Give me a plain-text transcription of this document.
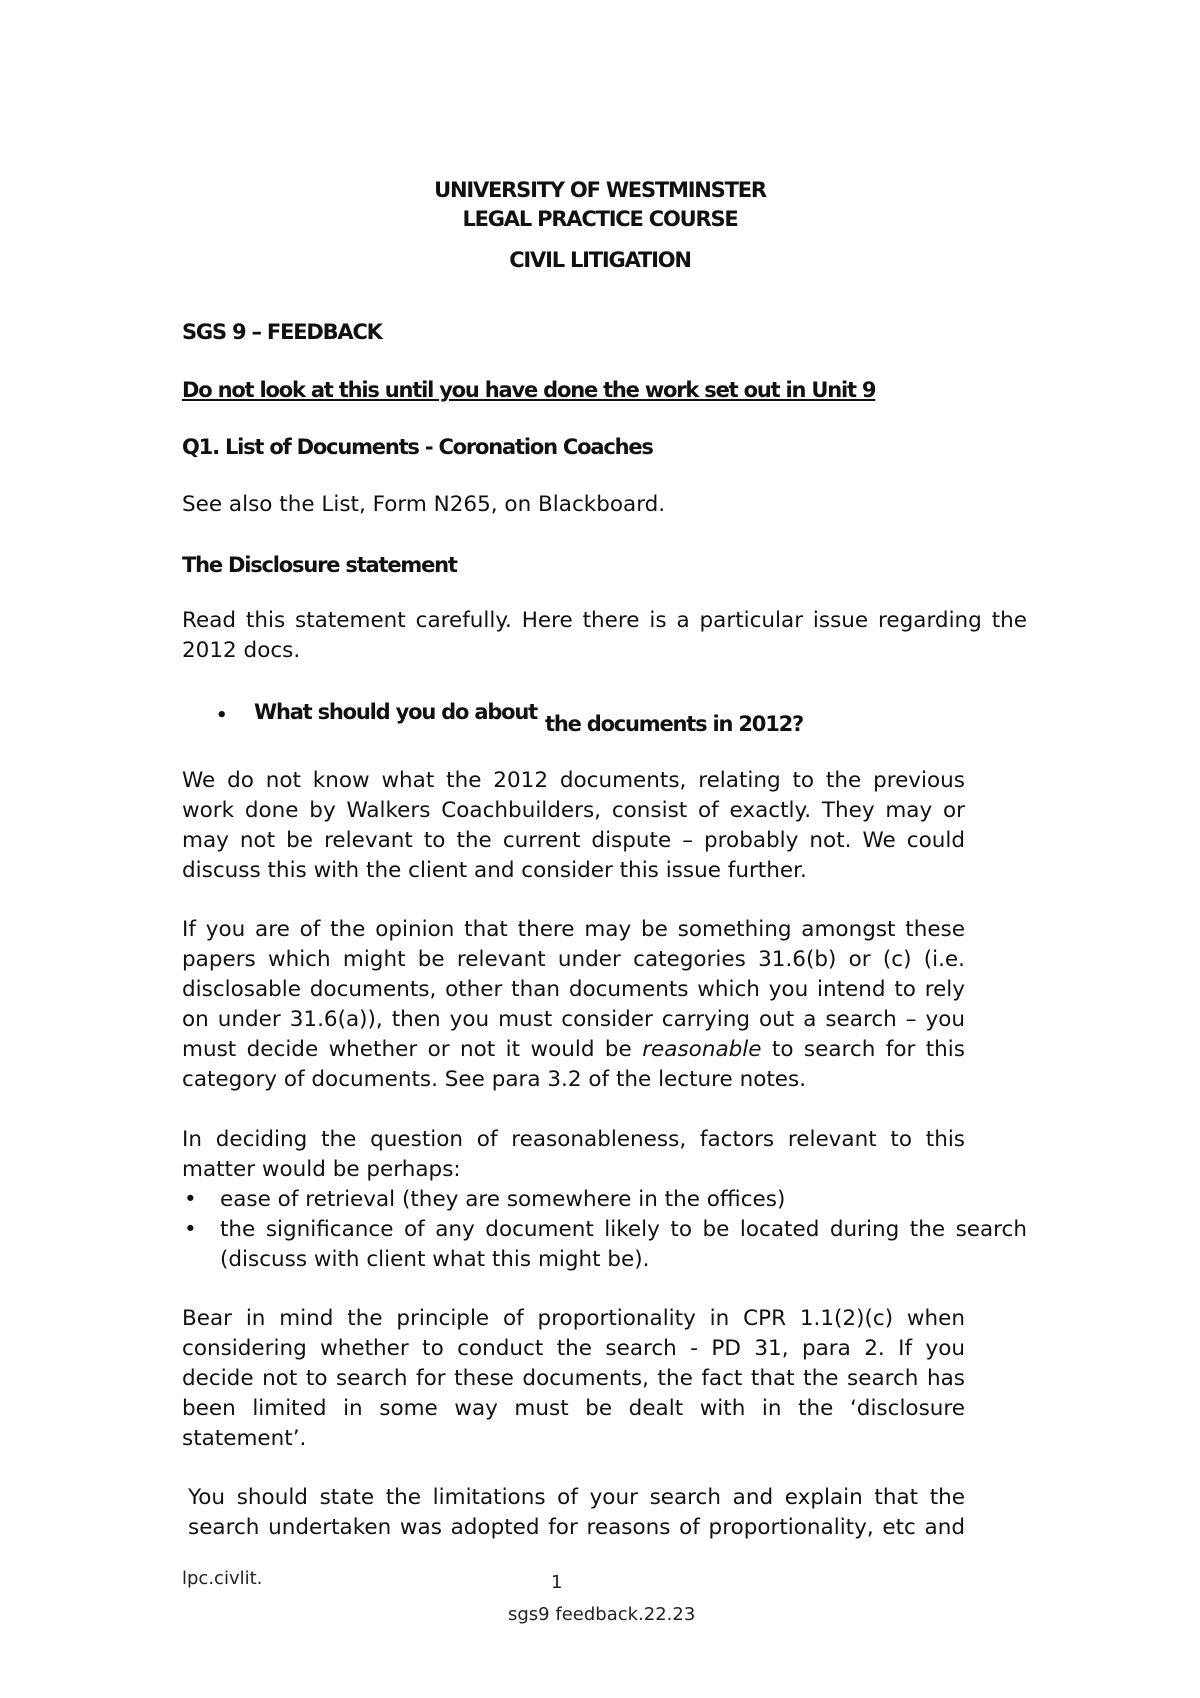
UNIVERSITY OF WESTMINSTER
LEGAL PRACTICE COURSE
CIVIL LITIGATION
SGS 9 – FEEDBACK
Do not look at this until you have done the work set out in Unit 9
Q1. List of Documents - Coronation Coaches
See also the List, Form N265, on Blackboard.
The Disclosure statement
Read this statement carefully. Here there is a particular issue regarding the
2012 docs.
• What should you do about the documents in 2012?
We do not know what the 2012 documents, relating to the previous
work done by Walkers Coachbuilders, consist of exactly. They may or
may not be relevant to the current dispute – probably not. We could
discuss this with the client and consider this issue further.
If you are of the opinion that there may be something amongst these
papers which might be relevant under categories 31.6(b) or (c) (i.e.
disclosable documents, other than documents which you intend to rely
on under 31.6(a)), then you must consider carrying out a search – you
must decide whether or not it would be reasonable to search for this
category of documents. See para 3.2 of the lecture notes.
In deciding the question of reasonableness, factors relevant to this
matter would be perhaps:
• ease of retrieval (they are somewhere in the offices)
• the significance of any document likely to be located during the search
(discuss with client what this might be).
Bear in mind the principle of proportionality in CPR 1.1(2)(c) when
considering whether to conduct the search - PD 31, para 2. If you
decide not to search for these documents, the fact that the search has
been limited in some way must be dealt with in the ‘disclosure
statement’.
You should state the limitations of your search and explain that the
search undertaken was adopted for reasons of proportionality, etc and
lpc.civlit.	1
sgs9 feedback.22.23
